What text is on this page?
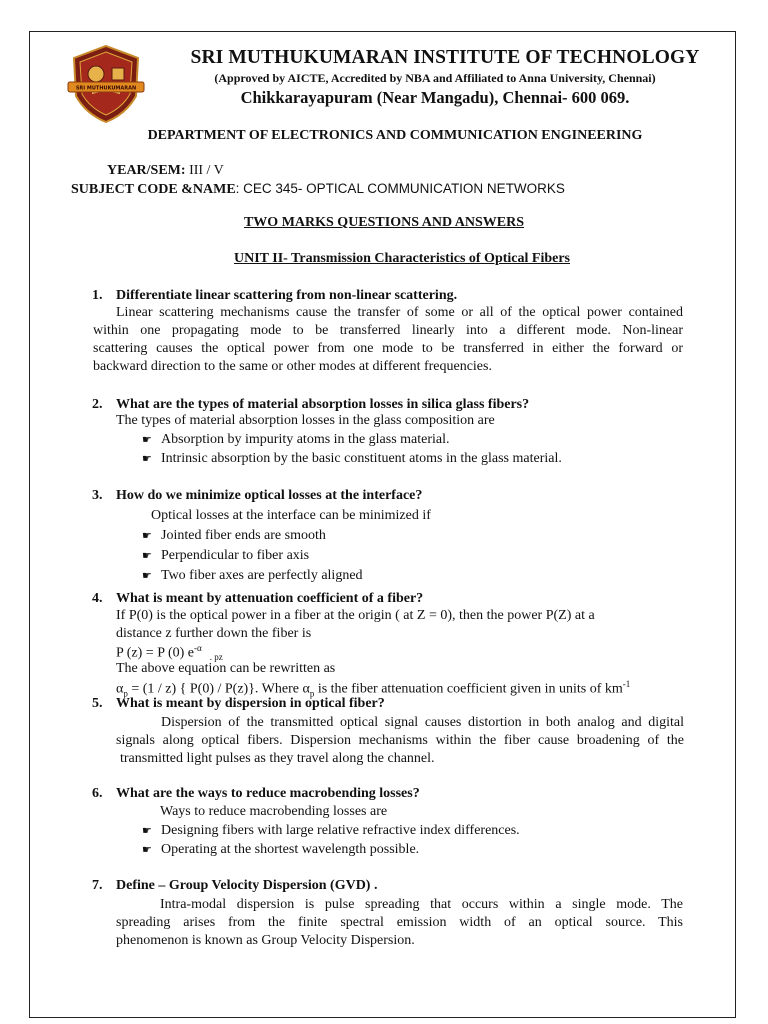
SRI MUTHUKUMARAN
SRI MUTHUKUMARAN INSTITUTE OF TECHNOLOGY
(Approved by AICTE, Accredited by NBA and Affiliated to Anna University, Chennai)
Chikkarayapuram (Near Mangadu), Chennai- 600 069.
DEPARTMENT OF ELECTRONICS AND COMMUNICATION ENGINEERING
YEAR/SEM: III / V
SUBJECT CODE &NAME: CEC 345- OPTICAL COMMUNICATION NETWORKS
TWO MARKS QUESTIONS AND ANSWERS
UNIT II- Transmission Characteristics of Optical Fibers
1. Differentiate linear scattering from non-linear scattering.
Linear scattering mechanisms cause the transfer of some or all of the optical power contained
within one propagating mode to be transferred linearly into a different mode. Non-linear
scattering causes the optical power from one mode to be transferred in either the forward or
backward direction to the same or other modes at different frequencies.
2. What are the types of material absorption losses in silica glass fibers?
The types of material absorption losses in the glass composition are
☛ Absorption by impurity atoms in the glass material.
☛ Intrinsic absorption by the basic constituent atoms in the glass material.
3. How do we minimize optical losses at the interface?
Optical losses at the interface can be minimized if
☛ Jointed fiber ends are smooth
☛ Perpendicular to fiber axis
☛ Two fiber axes are perfectly aligned
4. What is meant by attenuation coefficient of a fiber?
If P(0) is the optical power in a fiber at the origin ( at Z = 0), then the power P(Z) at a
distance z further down the fiber is
P (z) = P (0) $e^{-\alpha}_{. pz}$
The above equation can be rewritten as
$\alpha_p = (1 / z)$ { P(0) / P(z)}. Where $\alpha_p$ is the fiber attenuation coefficient given in units of $km^{-1}$
5. What is meant by dispersion in optical fiber?
Dispersion of the transmitted optical signal causes distortion in both analog and digital
signals along optical fibers. Dispersion mechanisms within the fiber cause broadening of the
transmitted light pulses as they travel along the channel.
6. What are the ways to reduce macrobending losses?
Ways to reduce macrobending losses are
☛ Designing fibers with large relative refractive index differences.
☛ Operating at the shortest wavelength possible.
7. Define – Group Velocity Dispersion (GVD) .
Intra-modal dispersion is pulse spreading that occurs within a single mode. The
spreading arises from the finite spectral emission width of an optical source. This
phenomenon is known as Group Velocity Dispersion.
